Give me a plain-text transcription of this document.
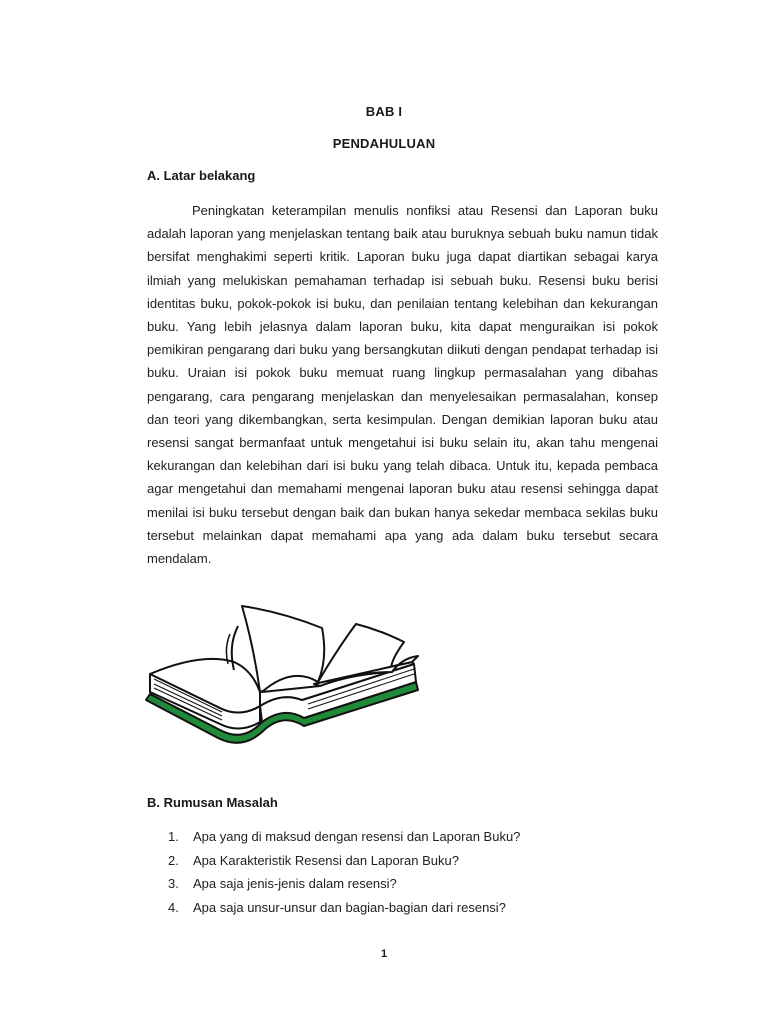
BAB I
PENDAHULUAN
A. Latar belakang

Peningkatan keterampilan menulis nonfiksi atau Resensi dan Laporan buku adalah laporan yang menjelaskan tentang baik atau buruknya sebuah buku namun tidak bersifat menghakimi seperti kritik. Laporan buku juga dapat diartikan sebagai karya ilmiah yang melukiskan pemahaman terhadap isi sebuah buku. Resensi buku berisi identitas buku, pokok-pokok isi buku, dan penilaian tentang kelebihan dan kekurangan buku. Yang lebih jelasnya dalam laporan buku, kita dapat menguraikan isi pokok pemikiran pengarang dari buku yang bersangkutan diikuti dengan pendapat terhadap isi buku. Uraian isi pokok buku memuat ruang lingkup permasalahan yang dibahas pengarang, cara pengarang menjelaskan dan menyelesaikan permasalahan, konsep dan teori yang dikembangkan, serta kesimpulan. Dengan demikian laporan buku atau resensi sangat bermanfaat untuk mengetahui isi buku selain itu, akan tahu mengenai kekurangan dan kelebihan dari isi buku yang telah dibaca. Untuk itu, kepada pembaca agar mengetahui dan memahami mengenai laporan buku atau resensi sehingga dapat menilai isi buku tersebut dengan baik dan bukan hanya sekedar membaca sekilas buku tersebut melainkan dapat memahami apa yang ada dalam buku tersebut secara mendalam.

B. Rumusan Masalah
1.	Apa yang di maksud dengan resensi dan Laporan Buku?
2.	Apa Karakteristik Resensi dan Laporan Buku?
3.	Apa saja jenis-jenis dalam resensi?
4.	Apa saja unsur-unsur dan bagian-bagian dari resensi?
1
